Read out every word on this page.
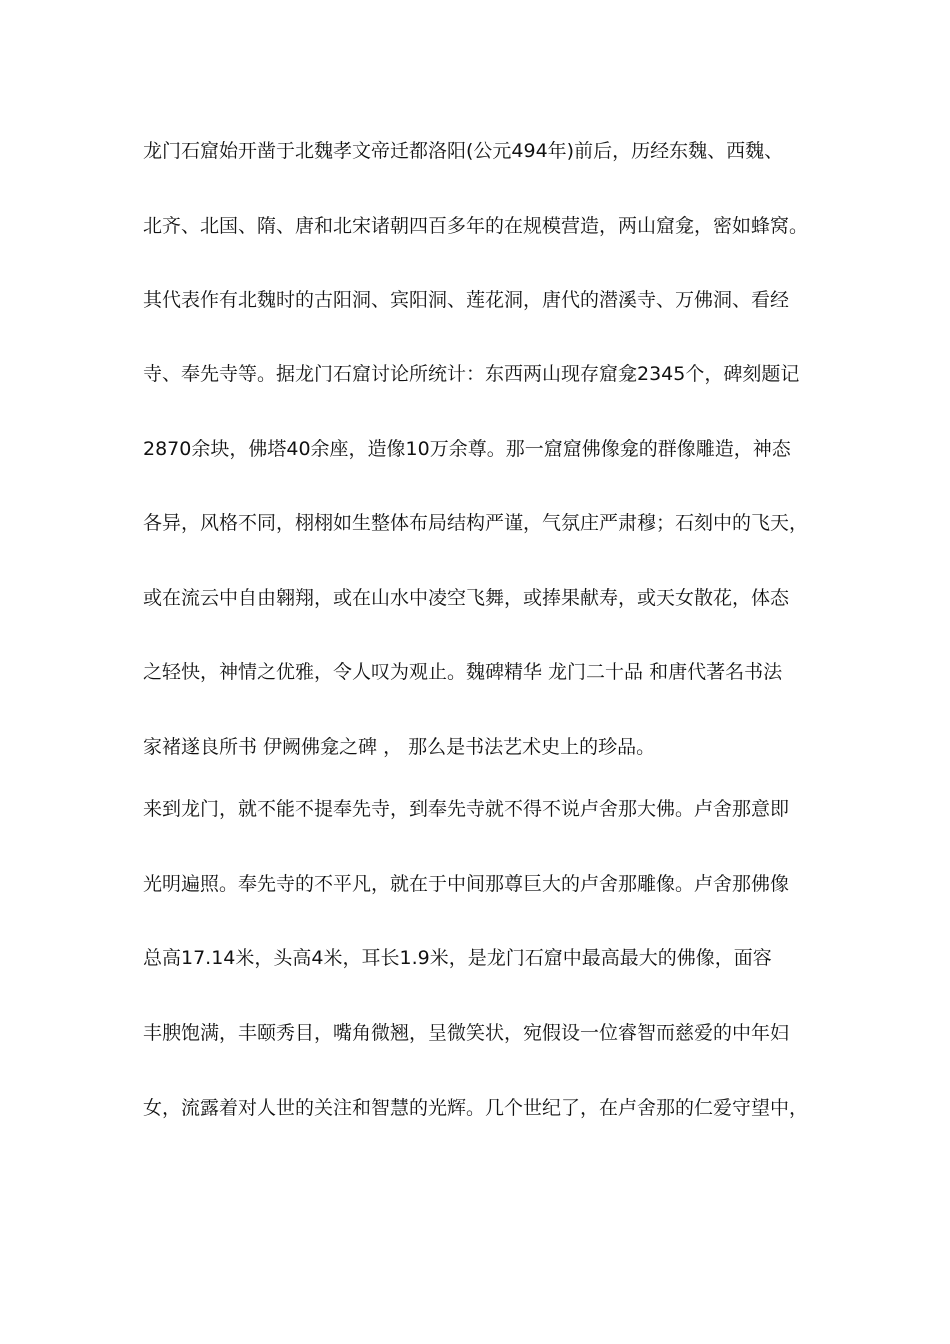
龙门石窟始开凿于北魏孝文帝迁都洛阳(公元494年)前后，历经东魏、西魏、
北齐、北国、隋、唐和北宋诸朝四百多年的在规模营造，两山窟龛，密如蜂窝。
其代表作有北魏时的古阳洞、宾阳洞、莲花洞，唐代的潜溪寺、万佛洞、看经
寺、奉先寺等。据龙门石窟讨论所统计：东西两山现存窟龛2345个，碑刻题记
2870余块，佛塔40余座，造像10万余尊。那一窟窟佛像龛的群像雕造，神态
各异，风格不同，栩栩如生整体布局结构严谨，气氛庄严肃穆；石刻中的飞天，
或在流云中自由翱翔，或在山水中凌空飞舞，或捧果献寿，或天女散花，体态
之轻快，神情之优雅，令人叹为观止。魏碑精华 龙门二十品 和唐代著名书法
家褚遂良所书 伊阙佛龛之碑 ， 那么是书法艺术史上的珍品。
来到龙门，就不能不提奉先寺，到奉先寺就不得不说卢舍那大佛。卢舍那意即
光明遍照。奉先寺的不平凡，就在于中间那尊巨大的卢舍那雕像。卢舍那佛像
总高17.14米，头高4米，耳长1.9米，是龙门石窟中最高最大的佛像，面容
丰腴饱满，丰颐秀目，嘴角微翘，呈微笑状，宛假设一位睿智而慈爱的中年妇
女，流露着对人世的关注和智慧的光辉。几个世纪了，在卢舍那的仁爱守望中，
